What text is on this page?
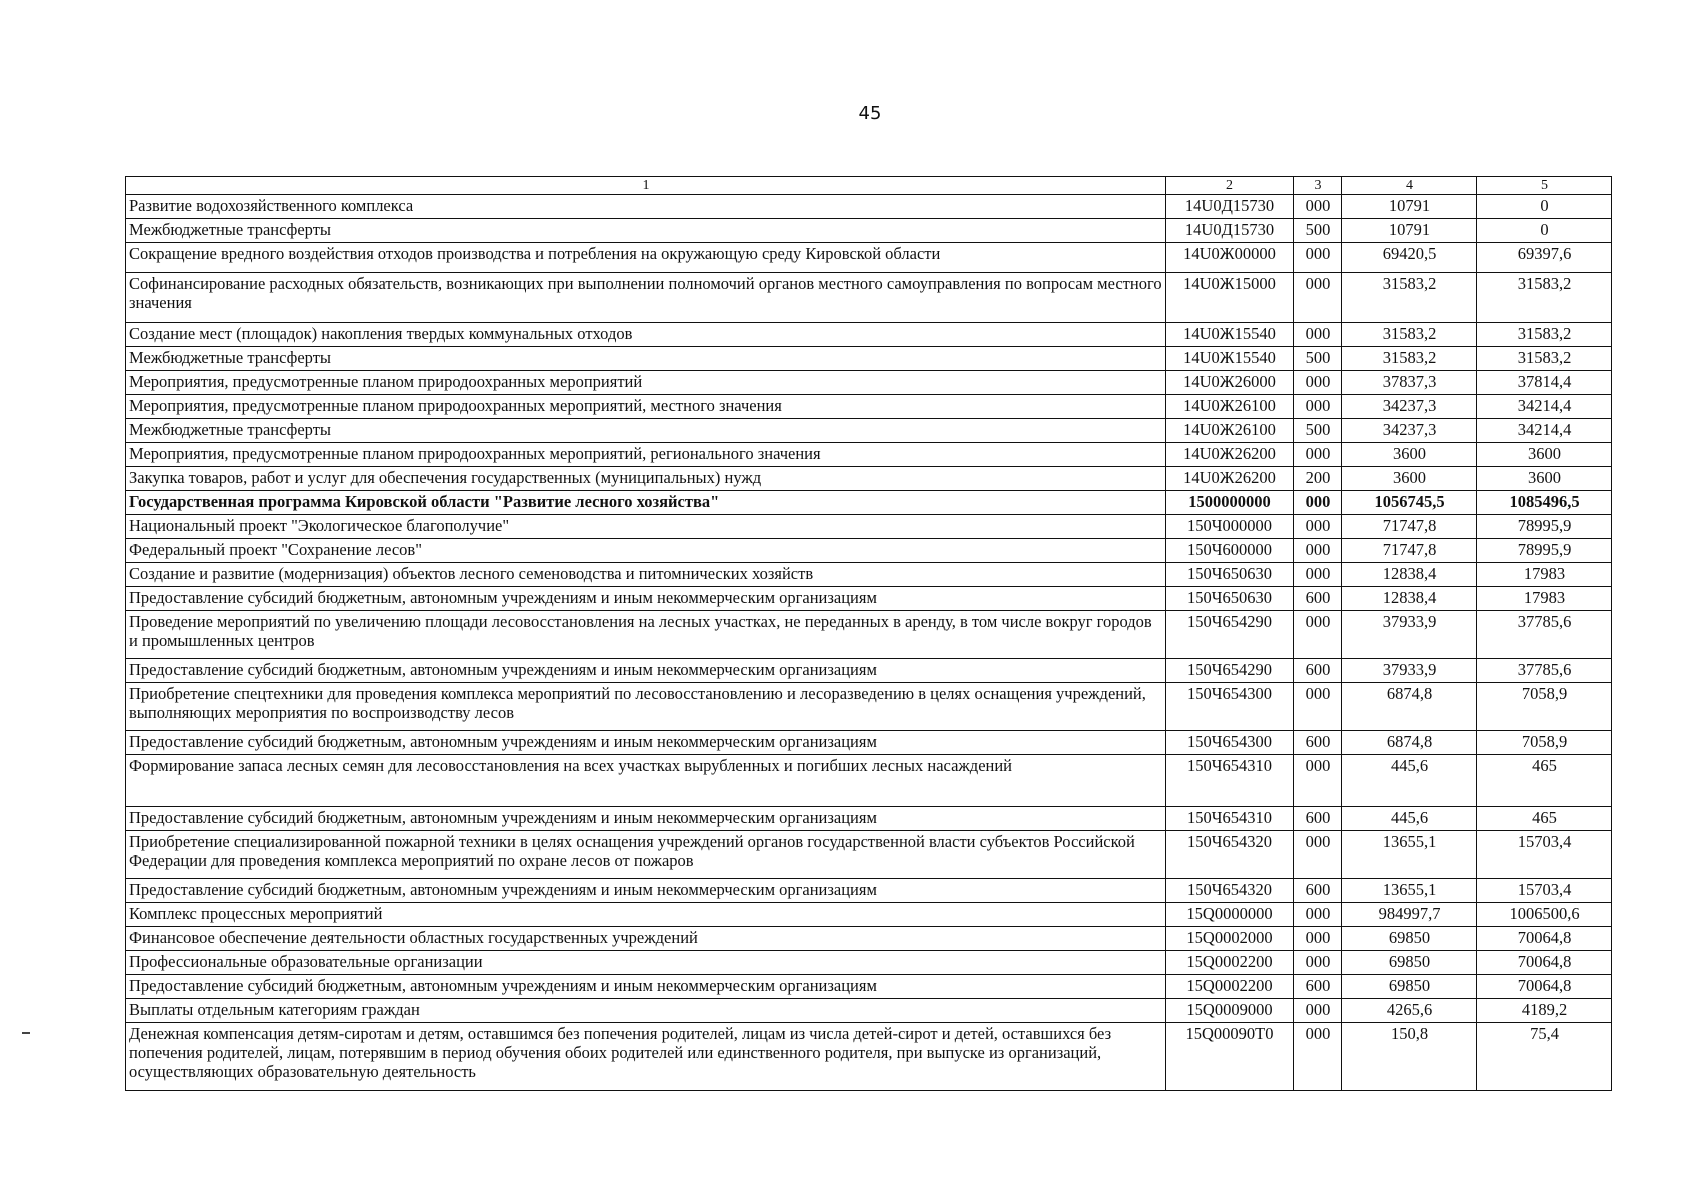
45
1	2	3	4	5
Развитие водохозяйственного комплекса	14U0Д15730	000	10791	0
Межбюджетные трансферты	14U0Д15730	500	10791	0
Сокращение вредного воздействия отходов производства и потребления на окружающую среду Кировской области	14U0Ж00000	000	69420,5	69397,6
Софинансирование расходных обязательств, возникающих при выполнении полномочий органов местного самоуправления по вопросам местного значения	14U0Ж15000	000	31583,2	31583,2
Создание мест (площадок) накопления твердых коммунальных отходов	14U0Ж15540	000	31583,2	31583,2
Межбюджетные трансферты	14U0Ж15540	500	31583,2	31583,2
Мероприятия, предусмотренные планом природоохранных мероприятий	14U0Ж26000	000	37837,3	37814,4
Мероприятия, предусмотренные планом природоохранных мероприятий, местного значения	14U0Ж26100	000	34237,3	34214,4
Межбюджетные трансферты	14U0Ж26100	500	34237,3	34214,4
Мероприятия, предусмотренные планом природоохранных мероприятий, регионального значения	14U0Ж26200	000	3600	3600
Закупка товаров, работ и услуг для обеспечения государственных (муниципальных) нужд	14U0Ж26200	200	3600	3600
Государственная программа Кировской области "Развитие лесного хозяйства"	1500000000	000	1056745,5	1085496,5
Национальный проект "Экологическое благополучие"	150Ч000000	000	71747,8	78995,9
Федеральный проект "Сохранение лесов"	150Ч600000	000	71747,8	78995,9
Создание и развитие (модернизация) объектов лесного семеноводства и питомнических хозяйств	150Ч650630	000	12838,4	17983
Предоставление субсидий бюджетным, автономным учреждениям и иным некоммерческим организациям	150Ч650630	600	12838,4	17983
Проведение мероприятий по увеличению площади лесовосстановления на лесных участках, не переданных в аренду, в том числе вокруг городов и промышленных центров	150Ч654290	000	37933,9	37785,6
Предоставление субсидий бюджетным, автономным учреждениям и иным некоммерческим организациям	150Ч654290	600	37933,9	37785,6
Приобретение спецтехники для проведения комплекса мероприятий по лесовосстановлению и лесоразведению в целях оснащения учреждений, выполняющих мероприятия по воспроизводству лесов	150Ч654300	000	6874,8	7058,9
Предоставление субсидий бюджетным, автономным учреждениям и иным некоммерческим организациям	150Ч654300	600	6874,8	7058,9
Формирование запаса лесных семян для лесовосстановления на всех участках вырубленных и погибших лесных насаждений	150Ч654310	000	445,6	465
Предоставление субсидий бюджетным, автономным учреждениям и иным некоммерческим организациям	150Ч654310	600	445,6	465
Приобретение специализированной пожарной техники в целях оснащения учреждений органов государственной власти субъектов Российской Федерации для проведения комплекса мероприятий по охране лесов от пожаров	150Ч654320	000	13655,1	15703,4
Предоставление субсидий бюджетным, автономным учреждениям и иным некоммерческим организациям	150Ч654320	600	13655,1	15703,4
Комплекс процессных мероприятий	15Q0000000	000	984997,7	1006500,6
Финансовое обеспечение деятельности областных государственных учреждений	15Q0002000	000	69850	70064,8
Профессиональные образовательные организации	15Q0002200	000	69850	70064,8
Предоставление субсидий бюджетным, автономным учреждениям и иным некоммерческим организациям	15Q0002200	600	69850	70064,8
Выплаты отдельным категориям граждан	15Q0009000	000	4265,6	4189,2
Денежная компенсация детям-сиротам и детям, оставшимся без попечения родителей, лицам из числа детей-сирот и детей, оставшихся без попечения родителей, лицам, потерявшим в период обучения обоих родителей или единственного родителя, при выпуске из организаций, осуществляющих образовательную деятельность	15Q00090T0	000	150,8	75,4
